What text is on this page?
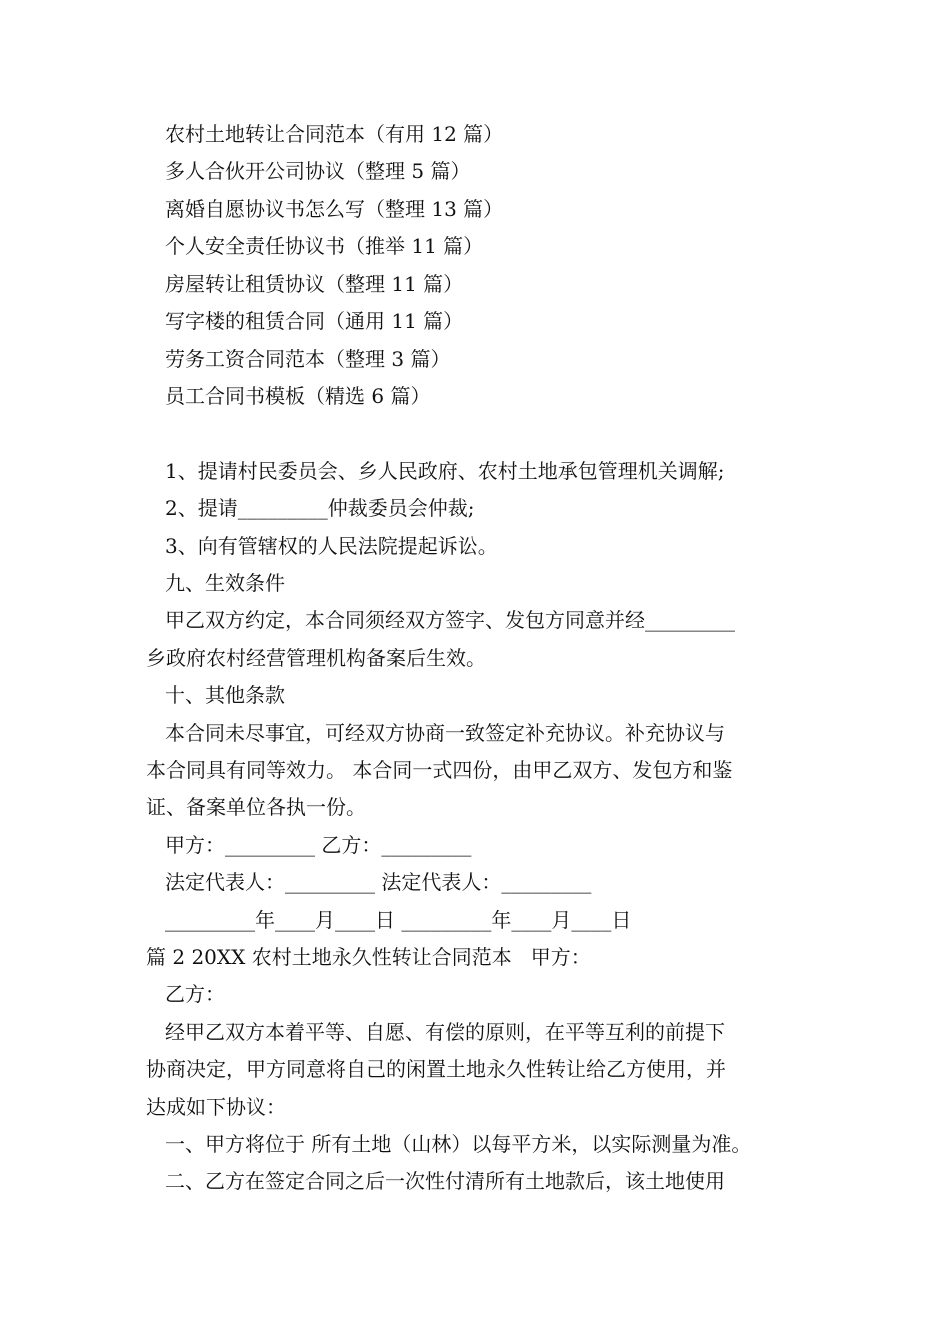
农村土地转让合同范本（有用 12 篇）
多人合伙开公司协议（整理 5 篇）
离婚自愿协议书怎么写（整理 13 篇）
个人安全责任协议书（推举 11 篇）
房屋转让租赁协议（整理 11 篇）
写字楼的租赁合同（通用 11 篇）
劳务工资合同范本（整理 3 篇）
员工合同书模板（精选 6 篇）
1、提请村民委员会、乡人民政府、农村土地承包管理机关调解;
2、提请_________仲裁委员会仲裁;
3、向有管辖权的人民法院提起诉讼。
九、生效条件
甲乙双方约定，本合同须经双方签字、发包方同意并经_________
乡政府农村经营管理机构备案后生效。
十、其他条款
本合同未尽事宜，可经双方协商一致签定补充协议。补充协议与
本合同具有同等效力。 本合同一式四份，由甲乙双方、发包方和鉴
证、备案单位各执一份。
甲方：_________ 乙方：_________
法定代表人：_________ 法定代表人：_________
_________年____月____日 _________年____月____日
篇 2 20XX 农村土地永久性转让合同范本   甲方：
乙方：
经甲乙双方本着平等、自愿、有偿的原则，在平等互利的前提下
协商决定，甲方同意将自己的闲置土地永久性转让给乙方使用，并
达成如下协议：
一、甲方将位于 所有土地（山林）以每平方米，以实际测量为准。
二、乙方在签定合同之后一次性付清所有土地款后，该土地使用
